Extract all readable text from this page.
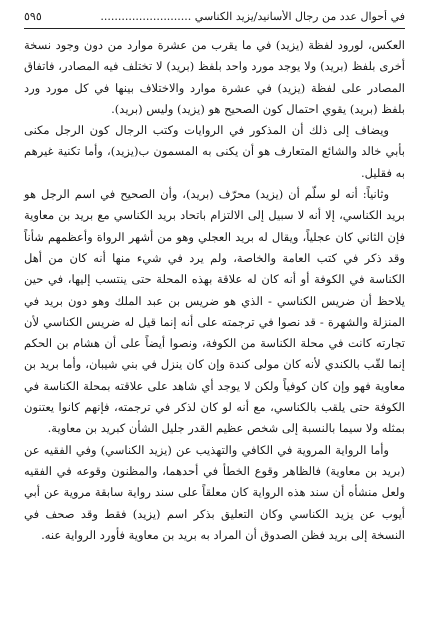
في أحوال عدد من رجال الأسانيد/يزيد الكناسي ..........................
٥٩٥

العكس، لورود لفظة (يزيد) في ما يقرب من عشرة موارد من دون وجود نسخة أخرى بلفظ (بريد) ولا يوجد مورد واحد بلفظ (بريد) لا تختلف فيه المصادر، فاتفاق المصادر على لفظة (يزيد) في عشرة موارد والاختلاف بينها في كل مورد ورد بلفظ (بريد) يقوي احتمال كون الصحيح هو (يزيد) وليس (بريد).

ويضاف إلى ذلك أن المذكور في الروايات وكتب الرجال كون الرجل مكنى بأبي خالد والشائع المتعارف هو أن يكنى به المسمون ب(يزيد)، وأما تكنية غيرهم به فقليل.

وثانياً: أنه لو سلّم أن (يزيد) محرّف (بريد)، وأن الصحيح في اسم الرجل هو بريد الكناسي، إلا أنه لا سبيل إلى الالتزام باتحاد بريد الكناسي مع بريد بن معاوية فإن الثاني كان عجلياً، ويقال له بريد العجلي وهو من أشهر الرواة وأعظمهم شأناً وقد ذكر في كتب العامة والخاصة، ولم يرد في شيء منها أنه كان من أهل الكناسة في الكوفة أو أنه كان له علاقة بهذه المحلة حتى ينتسب إليها، في حين يلاحظ أن ضريس الكناسي - الذي هو ضريس بن عبد الملك وهو دون بريد في المنزلة والشهرة - قد نصوا في ترجمته على أنه إنما قيل له ضريس الكناسي لأن تجارته كانت في محلة الكناسة من الكوفة، ونصوا أيضاً على أن هشام بن الحكم إنما لقّب بالكندي لأنه كان مولى كندة وإن كان ينزل في بني شيبان، وأما بريد بن معاوية فهو وإن كان كوفياً ولكن لا يوجد أي شاهد على علاقته بمحلة الكناسة في الكوفة حتى يلقب بالكناسي، مع أنه لو كان لذكر في ترجمته، فإنهم كانوا يعتنون بمثله ولا سيما بالنسبة إلى شخص عظيم القدر جليل الشأن كبريد بن معاوية.

وأما الرواية المروية في الكافي والتهذيب عن (يزيد الكناسي) وفي الفقيه عن (بريد بن معاوية) فالظاهر وقوع الخطأ في أحدهما، والمظنون وقوعه في الفقيه ولعل منشأه أن سند هذه الرواية كان معلقاً على سند رواية سابقة مروية عن أبي أيوب عن يزيد الكناسي وكان التعليق بذكر اسم (يزيد) فقط وقد صحف في النسخة إلى بريد فظن الصدوق أن المراد به بريد بن معاوية فأورد الرواية عنه.
